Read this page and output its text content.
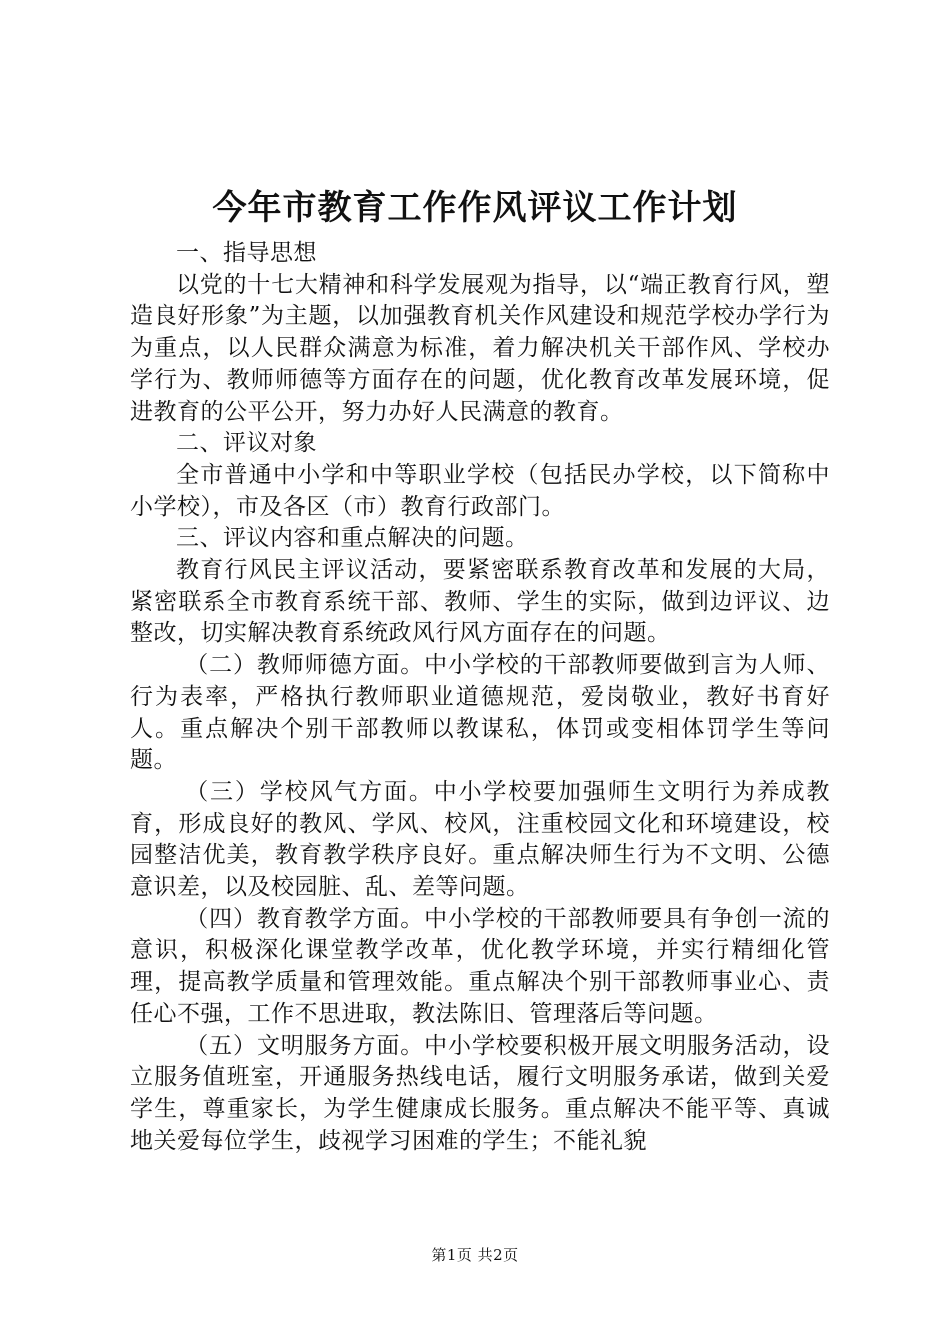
今年市教育工作作风评议工作计划

一、指导思想

以党的十七大精神和科学发展观为指导，以“端正教育行风，塑造良好形象”为主题，以加强教育机关作风建设和规范学校办学行为为重点，以人民群众满意为标准，着力解决机关干部作风、学校办学行为、教师师德等方面存在的问题，优化教育改革发展环境，促进教育的公平公开，努力办好人民满意的教育。

二、评议对象

全市普通中小学和中等职业学校（包括民办学校，以下简称中小学校），市及各区（市）教育行政部门。

三、评议内容和重点解决的问题。

教育行风民主评议活动，要紧密联系教育改革和发展的大局，紧密联系全市教育系统干部、教师、学生的实际，做到边评议、边整改，切实解决教育系统政风行风方面存在的问题。

（二）教师师德方面。中小学校的干部教师要做到言为人师、行为表率，严格执行教师职业道德规范，爱岗敬业，教好书育好人。重点解决个别干部教师以教谋私，体罚或变相体罚学生等问题。

（三）学校风气方面。中小学校要加强师生文明行为养成教育，形成良好的教风、学风、校风，注重校园文化和环境建设，校园整洁优美，教育教学秩序良好。重点解决师生行为不文明、公德意识差，以及校园脏、乱、差等问题。

（四）教育教学方面。中小学校的干部教师要具有争创一流的意识，积极深化课堂教学改革，优化教学环境，并实行精细化管理，提高教学质量和管理效能。重点解决个别干部教师事业心、责任心不强，工作不思进取，教法陈旧、管理落后等问题。

（五）文明服务方面。中小学校要积极开展文明服务活动，设立服务值班室，开通服务热线电话，履行文明服务承诺，做到关爱学生，尊重家长，为学生健康成长服务。重点解决不能平等、真诚地关爱每位学生，歧视学习困难的学生；不能礼貌

第1页 共2页
